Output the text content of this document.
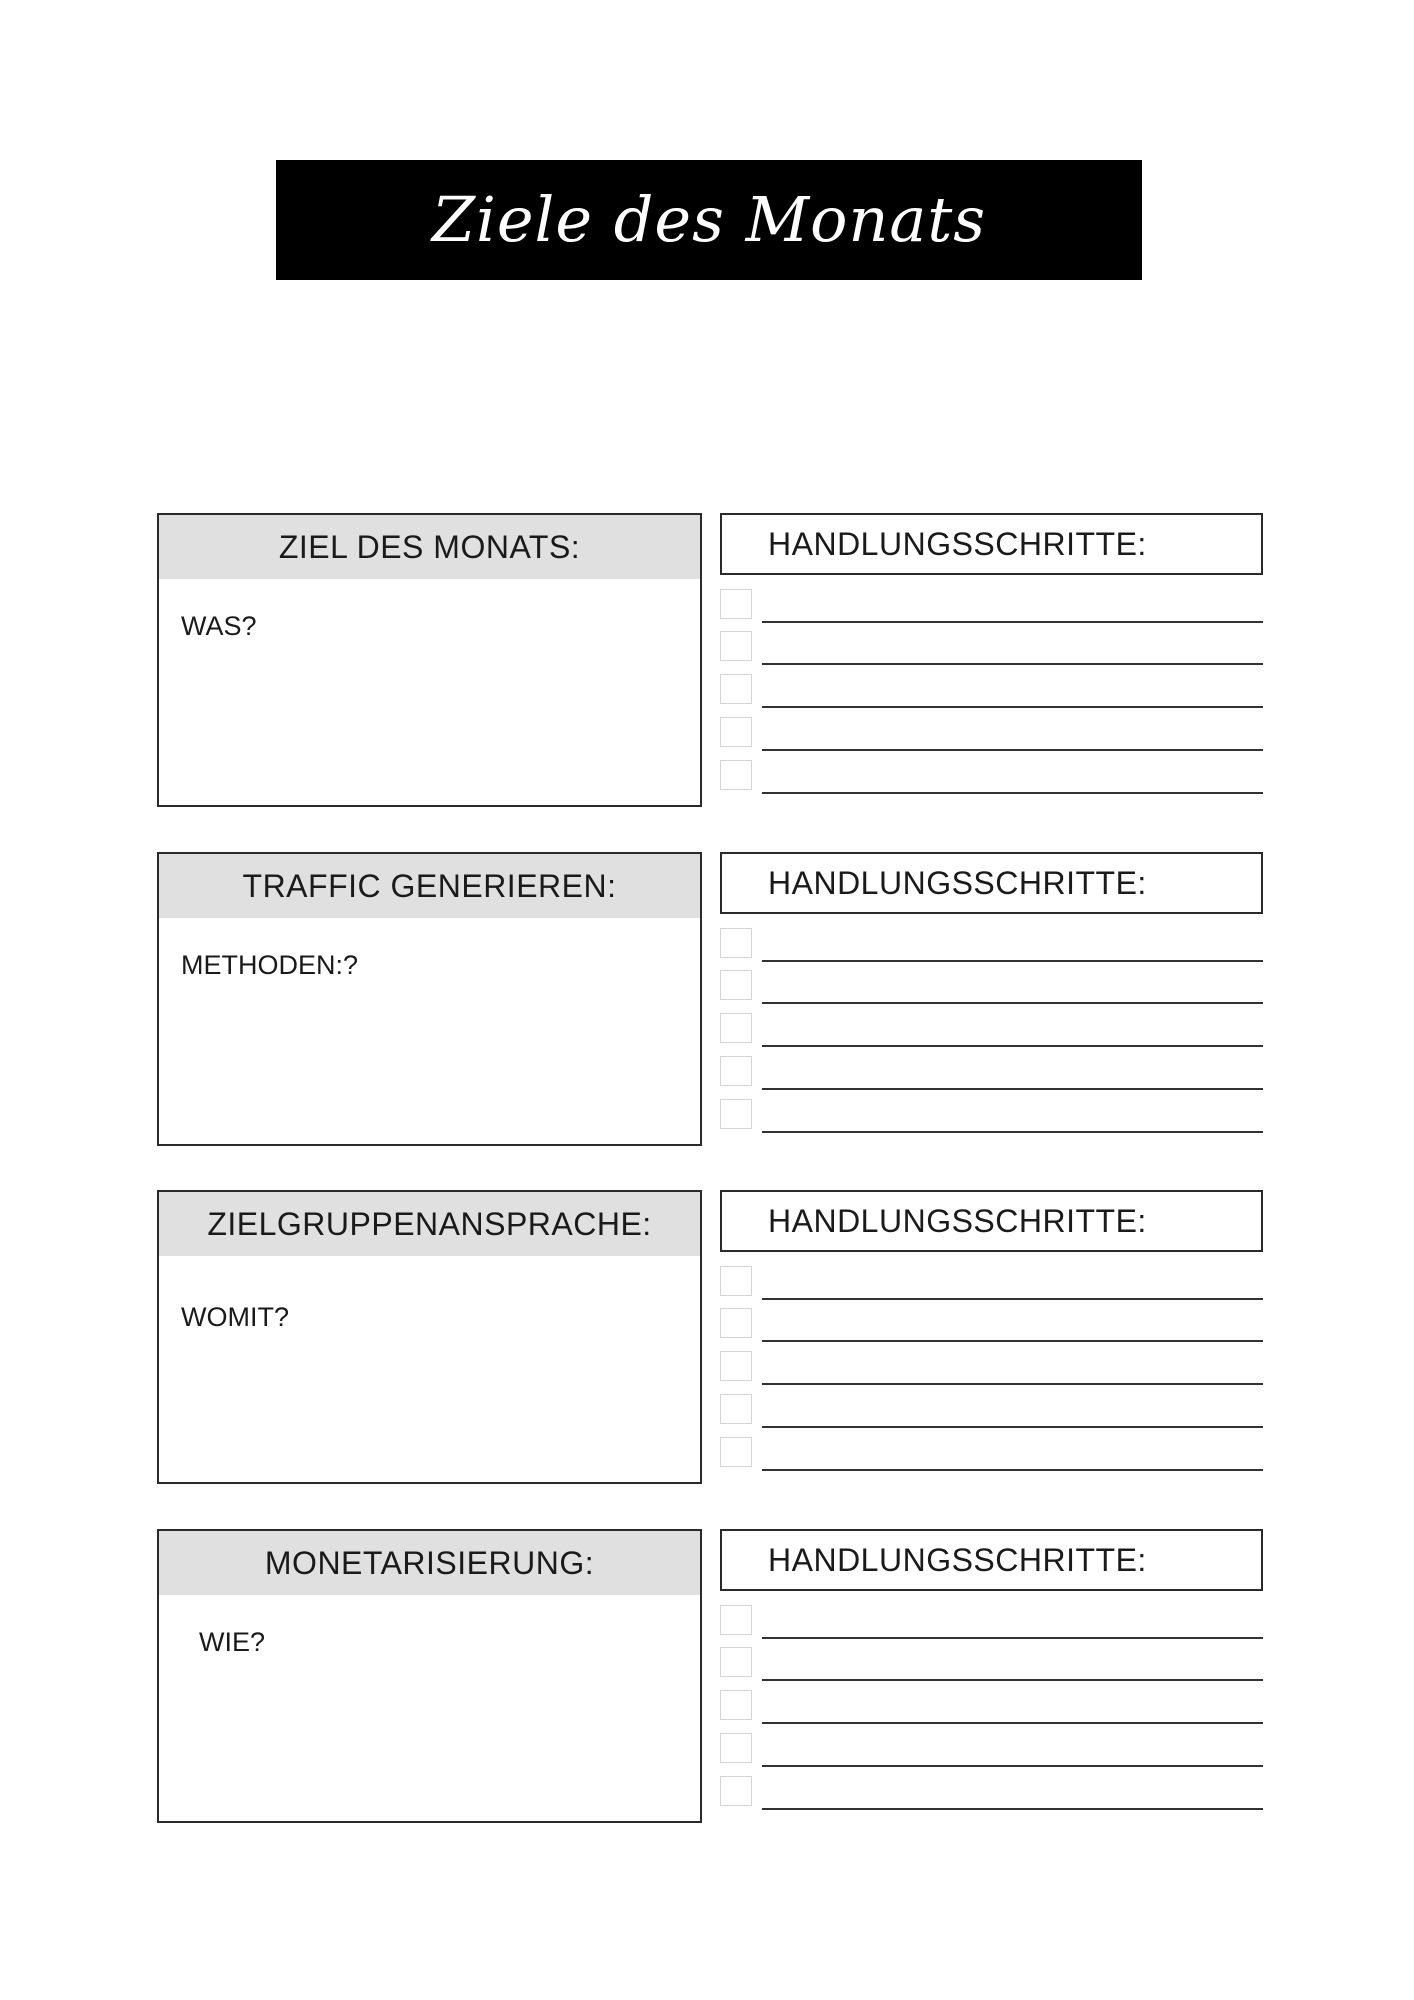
Ziele des Monats
ZIEL DES MONATS:
WAS?
HANDLUNGSSCHRITTE:
TRAFFIC GENERIEREN:
METHODEN:?
HANDLUNGSSCHRITTE:
ZIELGRUPPENANSPRACHE:
WOMIT?
HANDLUNGSSCHRITTE:
MONETARISIERUNG:
WIE?
HANDLUNGSSCHRITTE:
